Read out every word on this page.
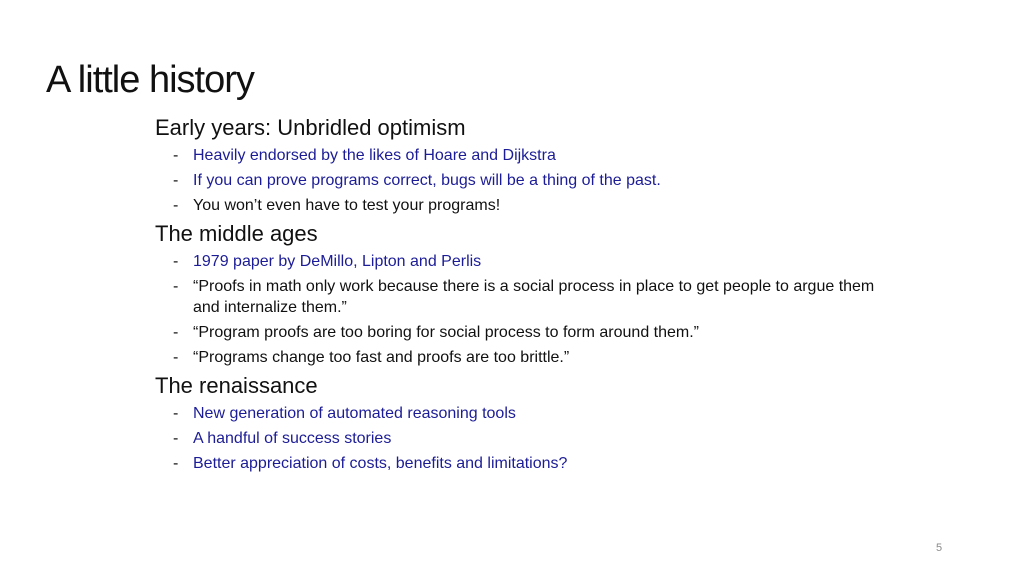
A little history
Early years: Unbridled optimism
- Heavily endorsed by the likes of Hoare and Dijkstra
- If you can prove programs correct, bugs will be a thing of the past.
- You won’t even have to test your programs!
The middle ages
- 1979 paper by DeMillo, Lipton and Perlis
- “Proofs in math only work because there is a social process in place to get people to argue them and internalize them.”
- “Program proofs are too boring for social process to form around them.”
- “Programs change too fast and proofs are too brittle.”
The renaissance
- New generation of automated reasoning tools
- A handful of success stories
- Better appreciation of costs, benefits and limitations?
5
